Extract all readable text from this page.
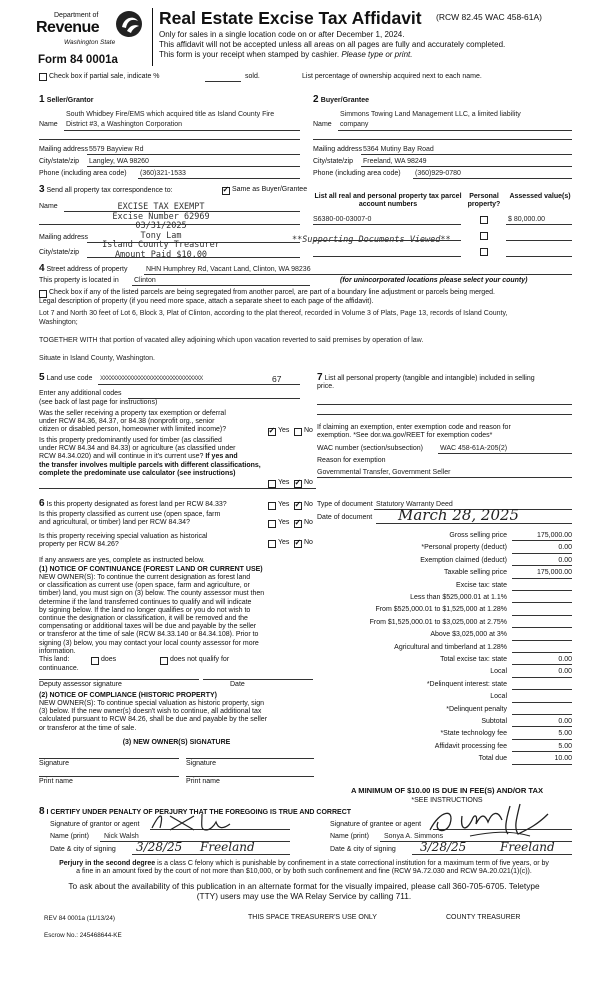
Department of
Revenue
Washington State
Form 84 0001a
Real Estate Excise Tax Affidavit (RCW 82.45 WAC 458-61A)
Only for sales in a single location code on or after December 1, 2024.
This affidavit will not be accepted unless all areas on all pages are fully and accurately completed.
This form is your receipt when stamped by cashier. Please type or print.
Check box if partial sale, indicate %	sold.	List percentage of ownership acquired next to each name.
1 Seller/Grantor
South Whidbey Fire/EMS which acquired title as Island County Fire
Name District #3, a Washington Corporation
Mailing address 5579 Bayview Rd
City/state/zip Langley, WA 98260
Phone (including area code) (360)321-1533
2 Buyer/Grantee
Simmons Towing Land Management LLC, a limited liability
Name company
Mailing address 5364 Mutiny Bay Road
City/state/zip Freeland, WA 98249
Phone (including area code) (360)929-0780
3 Send all property tax correspondence to: ✓	Same as Buyer/Grantee
Name
Mailing address
City/state/zip
EXCISE TAX EXEMPT
Excise Number 62969
03/31/2025
Tony Lam
Island County Treasurer
Amount Paid $10.00
**Supporting Documents Viewed**
List all real and personal property tax parcel account numbers
Personal property?
Assessed value(s)
S6380-00-03007-0	$ 80,000.00
4 Street address of property	NHN Humphrey Rd, Vacant Land, Clinton, WA 98236
This property is located in Clinton	(for unincorporated locations please select your county)
Check box if any of the listed parcels are being segregated from another parcel, are part of a boundary line adjustment or parcels being merged.
Legal description of property (if you need more space, attach a separate sheet to each page of the affidavit).
Lot 7 and North 30 feet of Lot 6, Block 3, Plat of Clinton, according to the plat thereof, recorded in Volume 3 of Plats, Page 13, records of Island County,
Washington;
TOGETHER WITH that portion of vacated alley adjoining which upon vacation reverted to said premises by operation of law.
Situate in Island County, Washington.
5 Land use code XXXXXXXXXXXXXXXXXXXXXXXXXXXXXXXX	67
Enter any additional codes
(see back of last page for instructions)
Was the seller receiving a property tax exemption or deferral
under RCW 84.36, 84.37, or 84.38 (nonprofit org., senior
citizen or disabled person, homeowner with limited income)? ✓	Yes No
Is this property predominantly used for timber (as classified
under RCW 84.34 and 84.33) or agriculture (as classified under
RCW 84.34.020) and will continue in it's current use? If yes and
the transfer involves multiple parcels with different classifications,
complete the predominate use calculator (see instructions)
Yes ✓ No
7 List all personal property (tangible and intangible) included in selling
price.
If claiming an exemption, enter exemption code and reason for
exemption. *See dor.wa.gov/REET for exemption codes*
WAC number (section/subsection) WAC 458-61A-205(2)
Reason for exemption
Governmental Transfer, Government Seller
6 Is this property designated as forest land per RCW 84.33?	Yes ✓ No
Is this property classified as current use (open space, farm
and agricultural, or timber) land per RCW 84.34?	Yes ✓ No
Is this property receiving special valuation as historical
property per RCW 84.26?	Yes ✓ No
If any answers are yes, complete as instructed below.
(1) NOTICE OF CONTINUANCE (FOREST LAND OR CURRENT USE)
NEW OWNER(S): To continue the current designation as forest land
or classification as current use (open space, farm and agriculture, or
timber) land, you must sign on (3) below. The county assessor must then
determine if the land transferred continues to qualify and will indicate
by signing below. If the land no longer qualifies or you do not wish to
continue the designation or classification, it will be removed and the
compensating or additional taxes will be due and payable by the seller
or transferor at the time of sale (RCW 84.33.140 or 84.34.108). Prior to
signing (3) below, you may contact your local county assessor for more
information.
This land:	does	does not qualify for
continuance.
Deputy assessor signature	Date
(2) NOTICE OF COMPLIANCE (HISTORIC PROPERTY)
NEW OWNER(S): To continue special valuation as historic property, sign
(3) below. If the new owner(s) doesn't wish to continue, all additional tax
calculated pursuant to RCW 84.26, shall be due and payable by the seller
or transferor at the time of sale.
(3) NEW OWNER(S) SIGNATURE
Signature	Signature
Print name	Print name
Type of document Statutory Warranty Deed
Date of document March 28, 2025
Gross selling price	175,000.00
*Personal property (deduct)	0.00
Exemption claimed (deduct)	0.00
Taxable selling price	175,000.00
Excise tax: state
Less than $525,000.01 at 1.1%
From $525,000.01 to $1,525,000 at 1.28%
From $1,525,000.01 to $3,025,000 at 2.75%
Above $3,025,000 at 3%
Agricultural and timberland at 1.28%
Total excise tax: state	0.00
Local	0.00
*Delinquent interest: state
Local
*Delinquent penalty
Subtotal	0.00
*State technology fee	5.00
Affidavit processing fee	5.00
Total due	10.00
A MINIMUM OF $10.00 IS DUE IN FEE(S) AND/OR TAX
*SEE INSTRUCTIONS
8 I CERTIFY UNDER PENALTY OF PERJURY THAT THE FOREGOING IS TRUE AND CORRECT
Signature of grantor or agent
Name (print) Nick Walsh
Date & city of signing 3/28/25 Freeland
Signature of grantee or agent
Name (print) Sonya A. Simmons
Date & city of signing 3/28/25	Freeland
Perjury in the second degree is a class C felony which is punishable by confinement in a state correctional institution for a maximum term of five years, or by
a fine in an amount fixed by the court of not more than $10,000, or by both such confinement and fine (RCW 9A.72.030 and RCW 9A.20.021(1)(c)).
To ask about the availability of this publication in an alternate format for the visually impaired, please call 360-705-6705. Teletype
(TTY) users may use the WA Relay Service by calling 711.
REV 84 0001a (11/13/24)	THIS SPACE TREASURER'S USE ONLY	COUNTY TREASURER
Escrow No.: 245468644-KE
